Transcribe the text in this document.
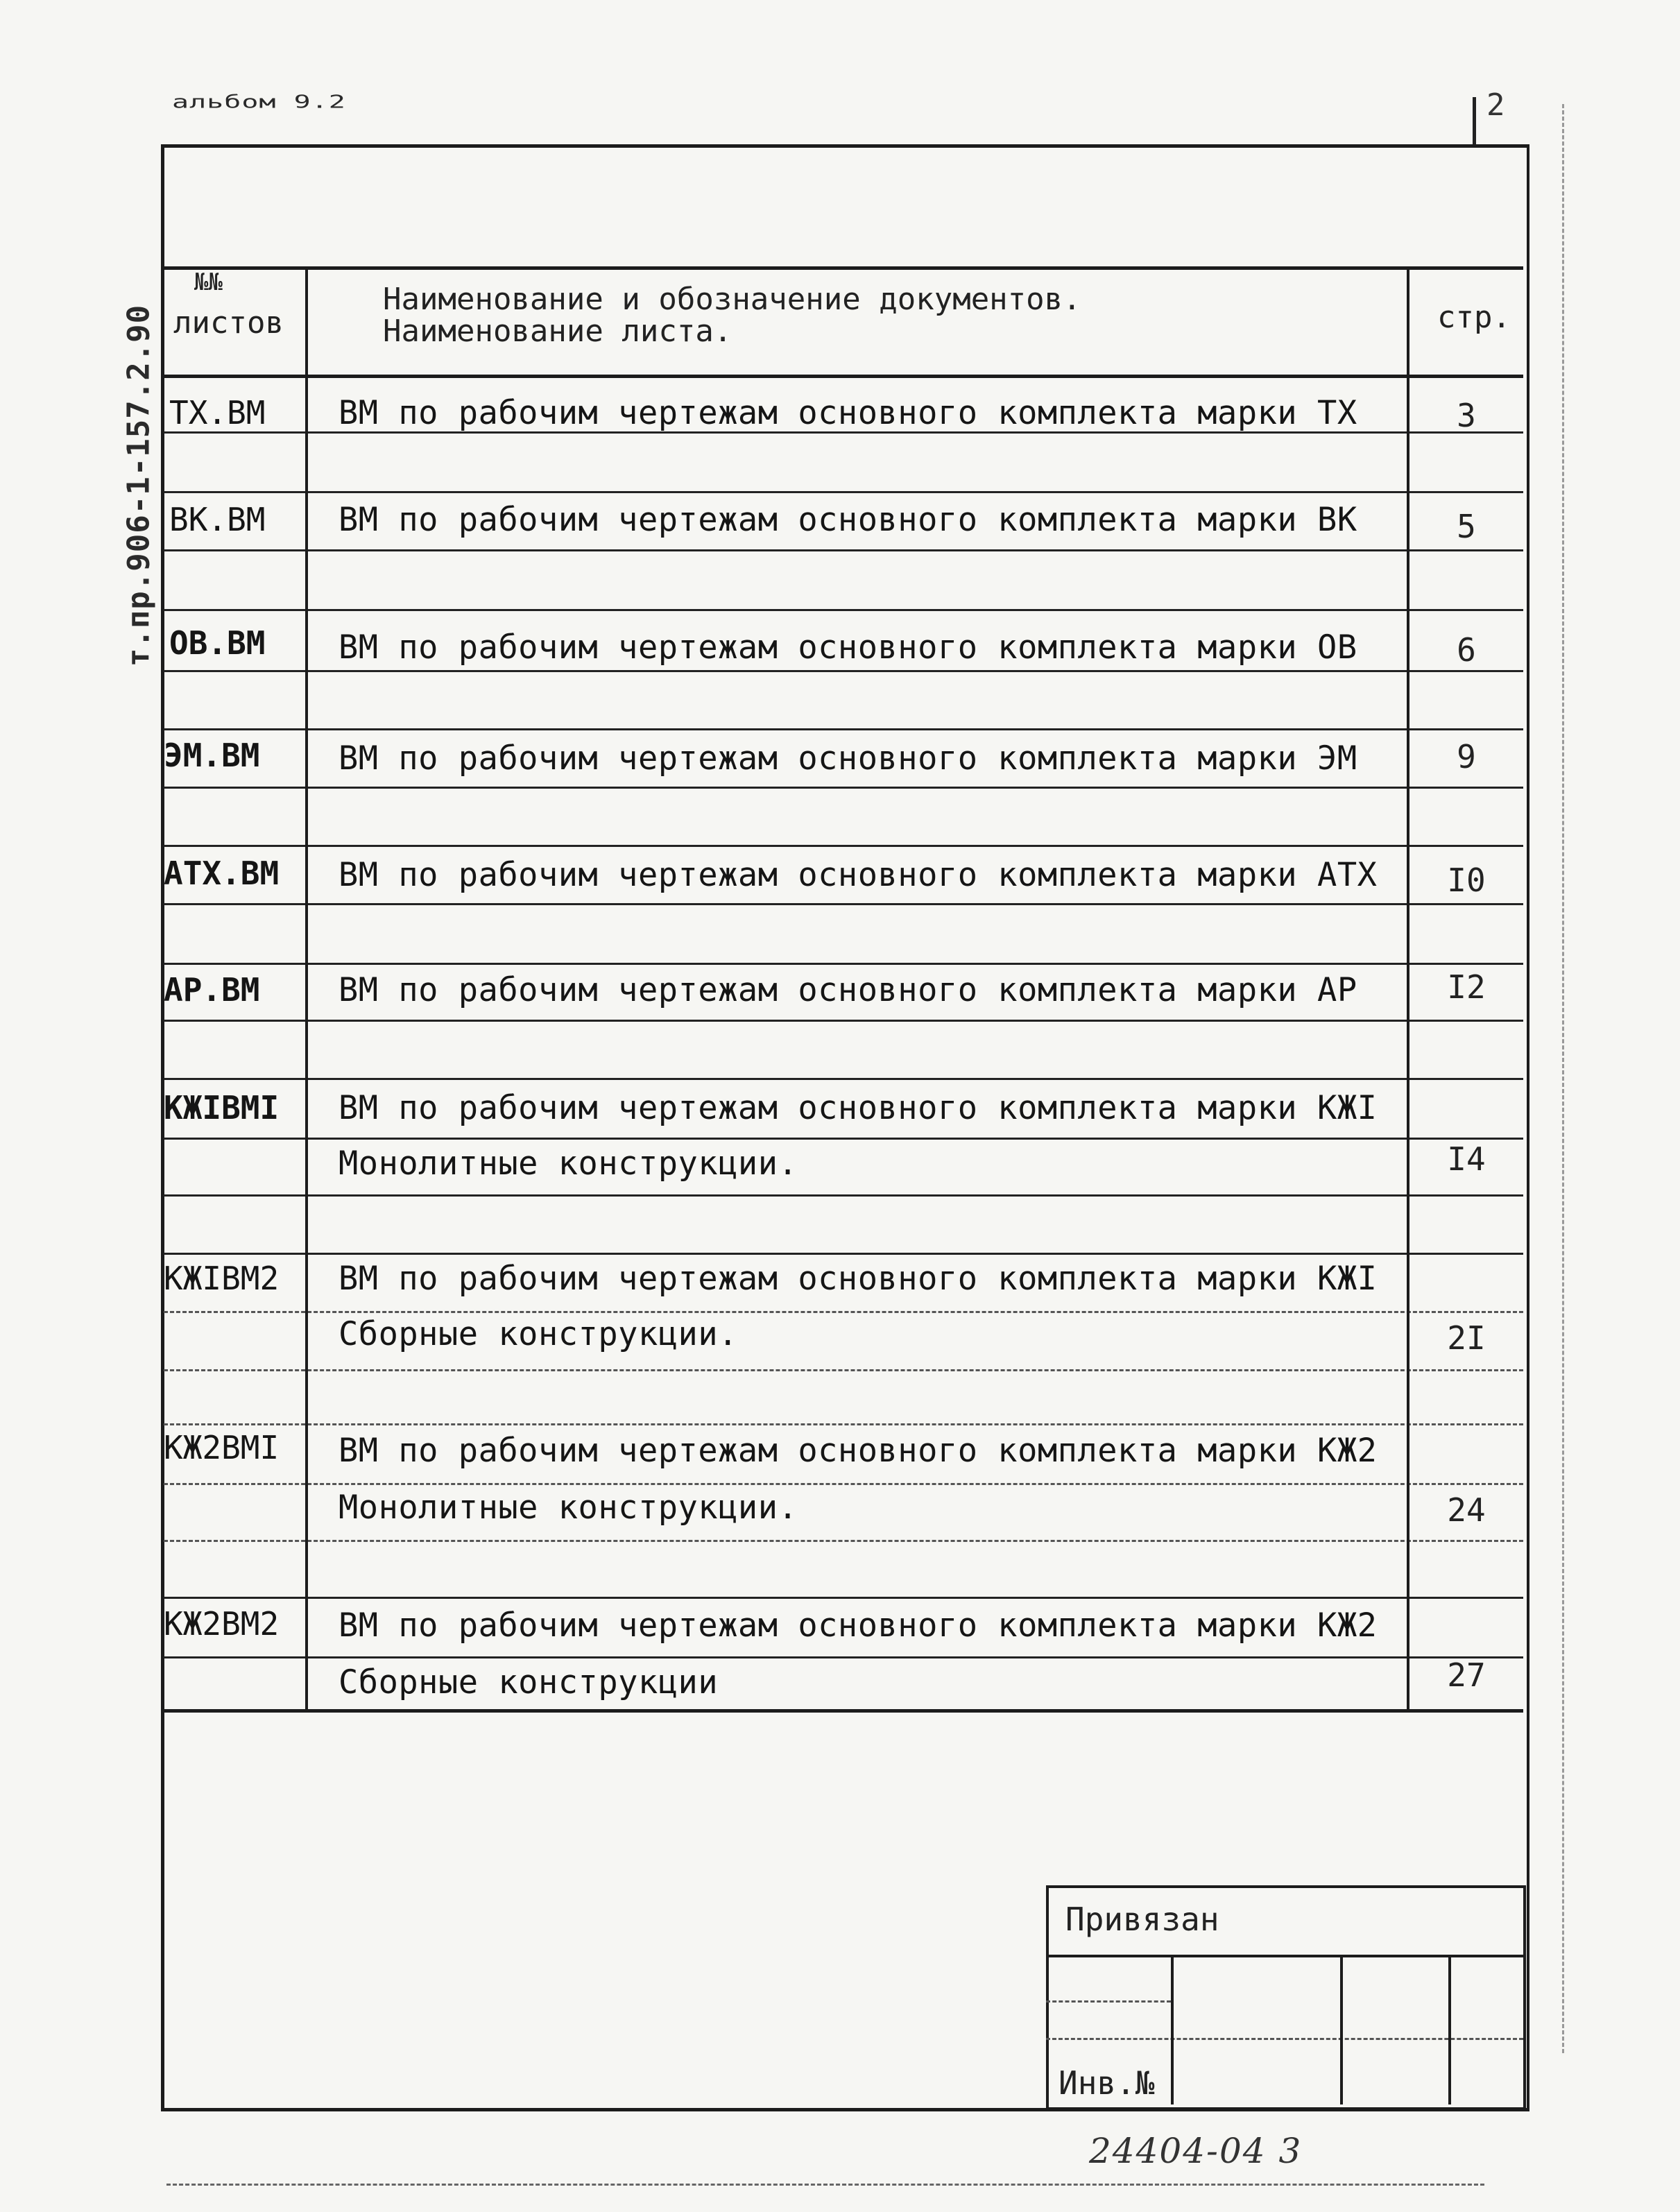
альбом 9.2	2
т.пр.906-1-157.2.90
№№
листов
Наименование и обозначение документов.
Наименование листа.	стр.
ТХ.ВМ ВМ по рабочим чертежам основного комплекта марки ТХ	3
ВК.ВМ ВМ по рабочим чертежам основного комплекта марки ВК	5
ОВ.ВМ ВМ по рабочим чертежам основного комплекта марки ОВ	6
ЭМ.ВМ ВМ по рабочим чертежам основного комплекта марки ЭМ	9
АТХ.ВМ ВМ по рабочим чертежам основного комплекта марки АТХ	I0
АР.ВМ ВМ по рабочим чертежам основного комплекта марки АР	I2
КЖIВМI ВМ по рабочим чертежам основного комплекта марки КЖI
Монолитные конструкции.	I4
КЖIВМ2 ВМ по рабочим чертежам основного комплекта марки КЖI
Сборные конструкции.	2I
КЖ2ВМI ВМ по рабочим чертежам основного комплекта марки КЖ2
Монолитные конструкции.	24
КЖ2ВМ2 ВМ по рабочим чертежам основного комплекта марки КЖ2
Сборные конструкции	27
Привязан
Инв.№
24404-04 3
